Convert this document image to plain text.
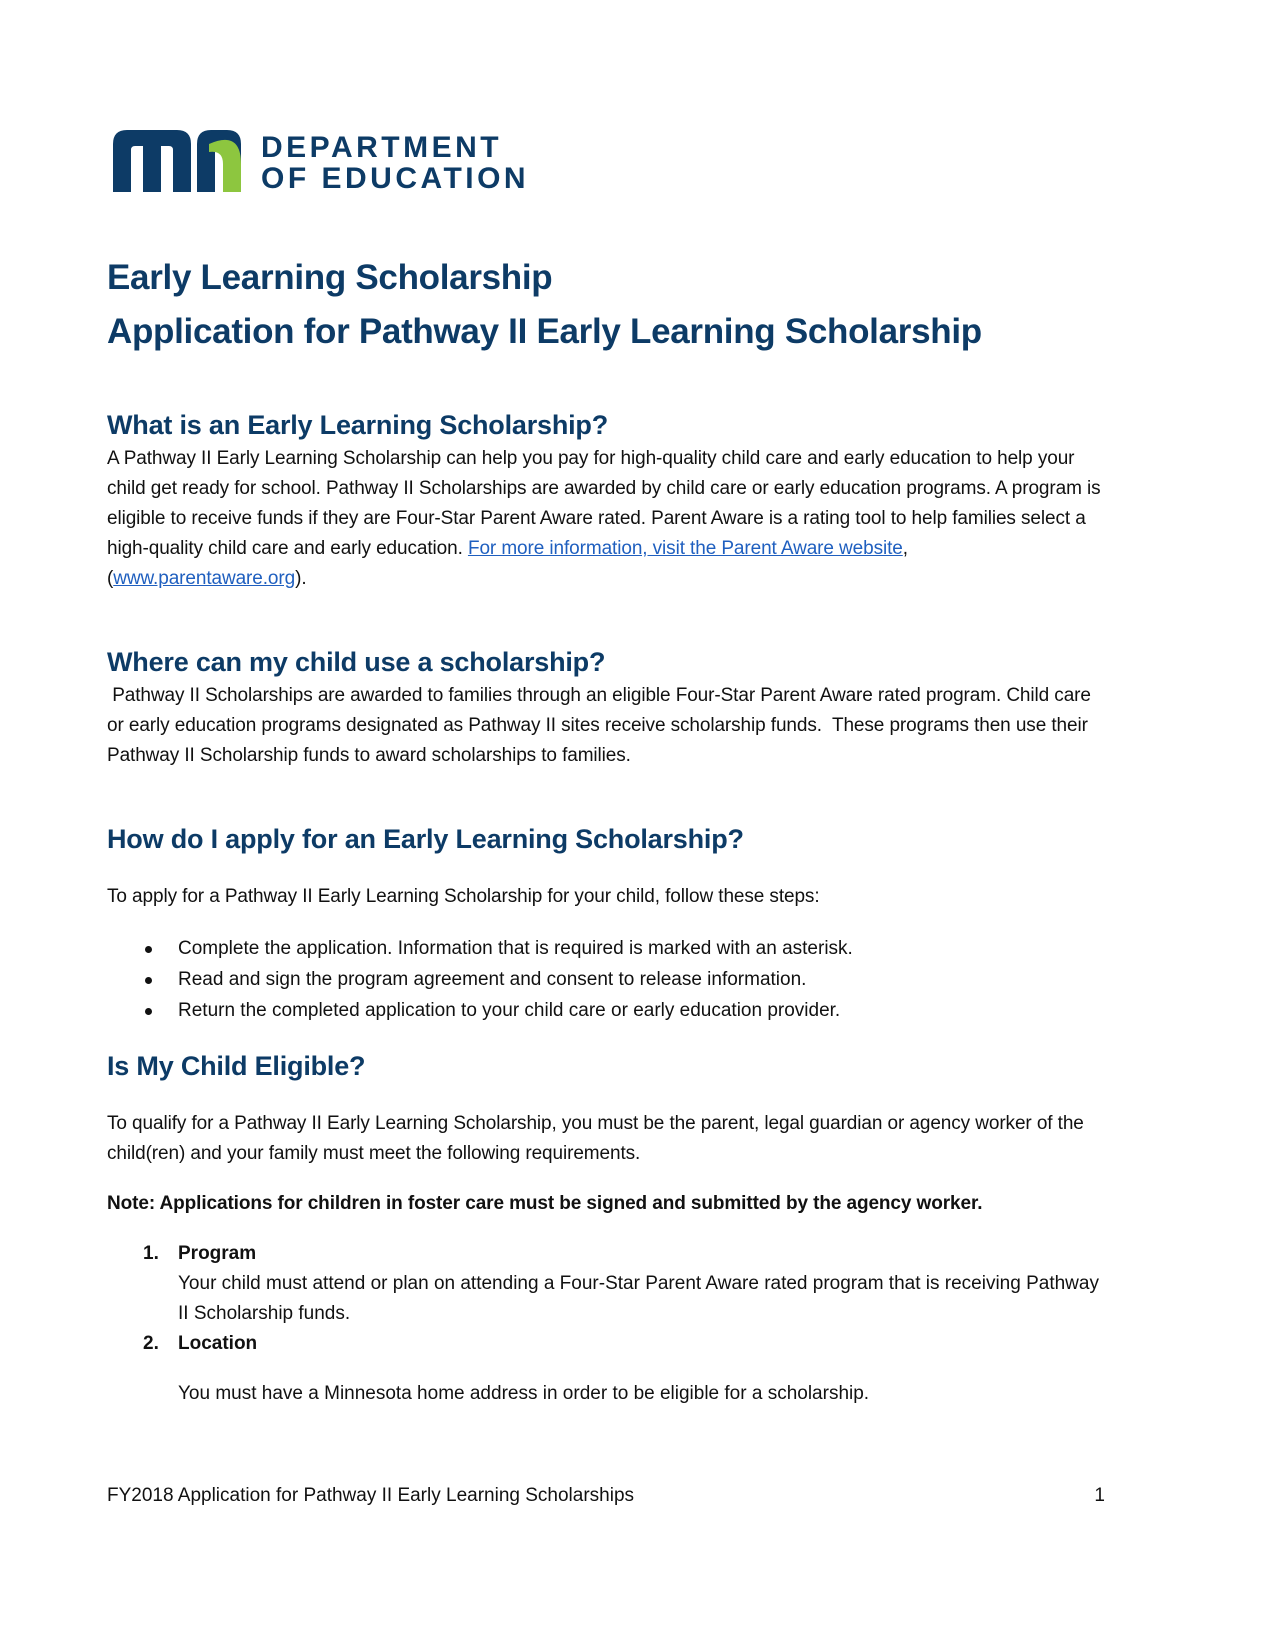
DEPARTMENT
OF EDUCATION
Early Learning Scholarship
Application for Pathway II Early Learning Scholarship
What is an Early Learning Scholarship?

A Pathway II Early Learning Scholarship can help you pay for high-quality child care and early education to help your child get ready for school. Pathway II Scholarships are awarded by child care or early education programs. A program is eligible to receive funds if they are Four-Star Parent Aware rated. Parent Aware is a rating tool to help families select a high-quality child care and early education. For more information, visit the Parent Aware website, (www.parentaware.org).

Where can my child use a scholarship?

Pathway II Scholarships are awarded to families through an eligible Four-Star Parent Aware rated program. Child care or early education programs designated as Pathway II sites receive scholarship funds.  These programs then use their Pathway II Scholarship funds to award scholarships to families.

How do I apply for an Early Learning Scholarship?

To apply for a Pathway II Early Learning Scholarship for your child, follow these steps:

Complete the application. Information that is required is marked with an asterisk.
Read and sign the program agreement and consent to release information.
Return the completed application to your child care or early education provider.
Is My Child Eligible?

To qualify for a Pathway II Early Learning Scholarship, you must be the parent, legal guardian or agency worker of the child(ren) and your family must meet the following requirements.

Note: Applications for children in foster care must be signed and submitted by the agency worker.

1. Program
Your child must attend or plan on attending a Four-Star Parent Aware rated program that is receiving Pathway II Scholarship funds.
2. Location
You must have a Minnesota home address in order to be eligible for a scholarship.
FY2018 Application for Pathway II Early Learning Scholarships	1
